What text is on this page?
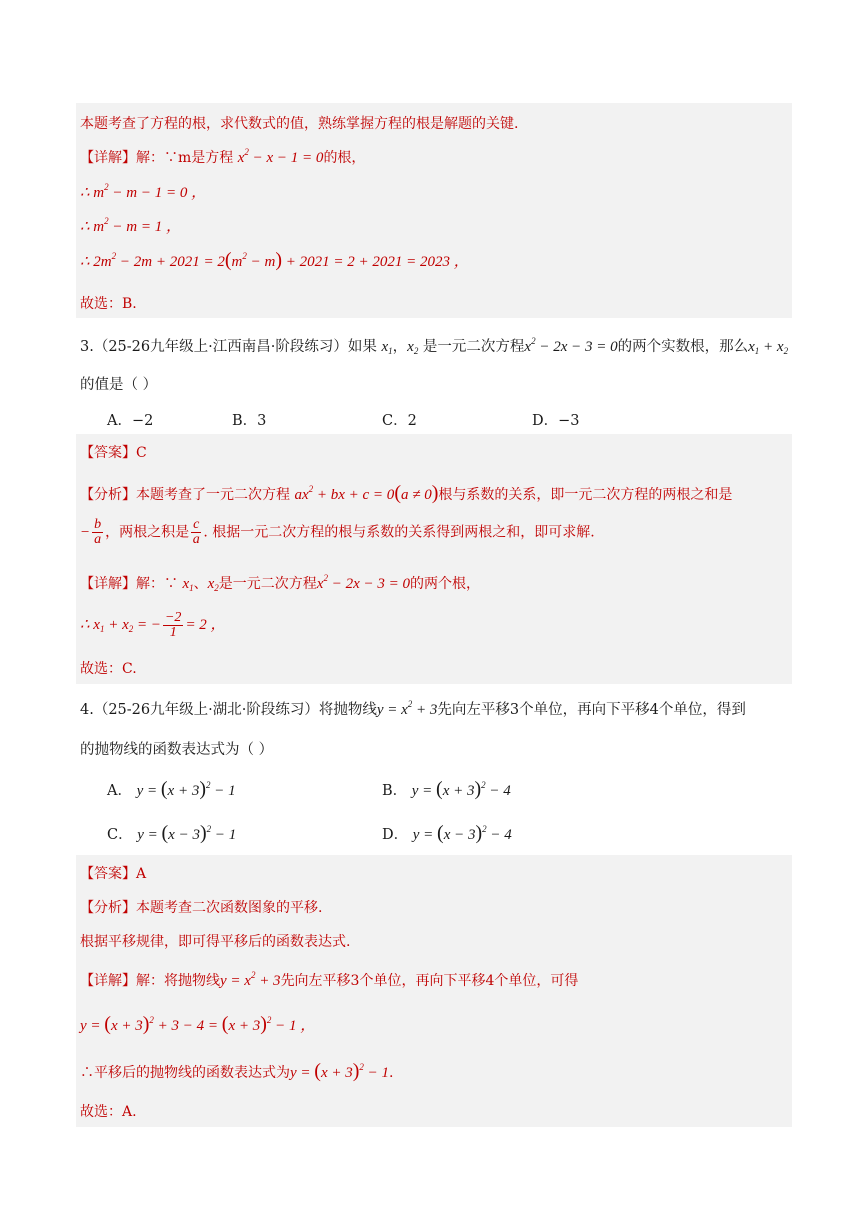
本题考查了方程的根，求代数式的值，熟练掌握方程的根是解题的关键.
【详解】解：∵m是方程 $x^2 - x - 1 = 0$的根，
∴ $m^2 - m - 1 = 0$ ，
∴ $m^2 - m = 1$ ，
∴ $2m^2 - 2m + 2021 = 2(m^2 - m) + 2021 = 2 + 2021 = 2023$ ，
故选：B.
3.（25-26九年级上·江西南昌·阶段练习）如果 $x_1$，$x_2$ 是一元二次方程$x^2 - 2x - 3 = 0$的两个实数根，那么$x_1 + x_2$
的值是（ ）
A．−2	B．3	C．2	D．−3
【答案】C
【分析】本题考查了一元二次方程 $ax^2$ + bx + c = 0(a ≠ 0)根与系数的关系，即一元二次方程的两根之和是
− $\frac{b}{a}$ ，两根之积是 $\frac{c}{a}$ . 根据一元二次方程的根与系数的关系得到两根之和，即可求解.
【详解】解：∵ $x_1$、$x_2$是一元二次方程$x^2 - 2x - 3 = 0$的两个根，
∴ $x_1 + x_2$ = − $\frac{-2}{1} = 2$ ，
故选：C.
4.（25-26九年级上·湖北·阶段练习）将抛物线$y = x^2 + 3$先向左平移3个单位，再向下平移4个单位，得到
的抛物线的函数表达式为（ ）
A． $y = (x + 3)^2 - 1$	B． $y = (x + 3)^2 - 4$
C． $y = (x - 3)^2 - 1$	D． $y = (x - 3)^2 - 4$
【答案】A
【分析】本题考查二次函数图象的平移.
根据平移规律，即可得平移后的函数表达式.
【详解】解：将抛物线$y = x^2 + 3$先向左平移3个单位，再向下平移4个单位，可得
$y = (x + 3)^2 + 3 - 4 = (x + 3)^2 - 1$ ，
∴平移后的抛物线的函数表达式为$y = (x + 3)^2 - 1$.
故选：A.
